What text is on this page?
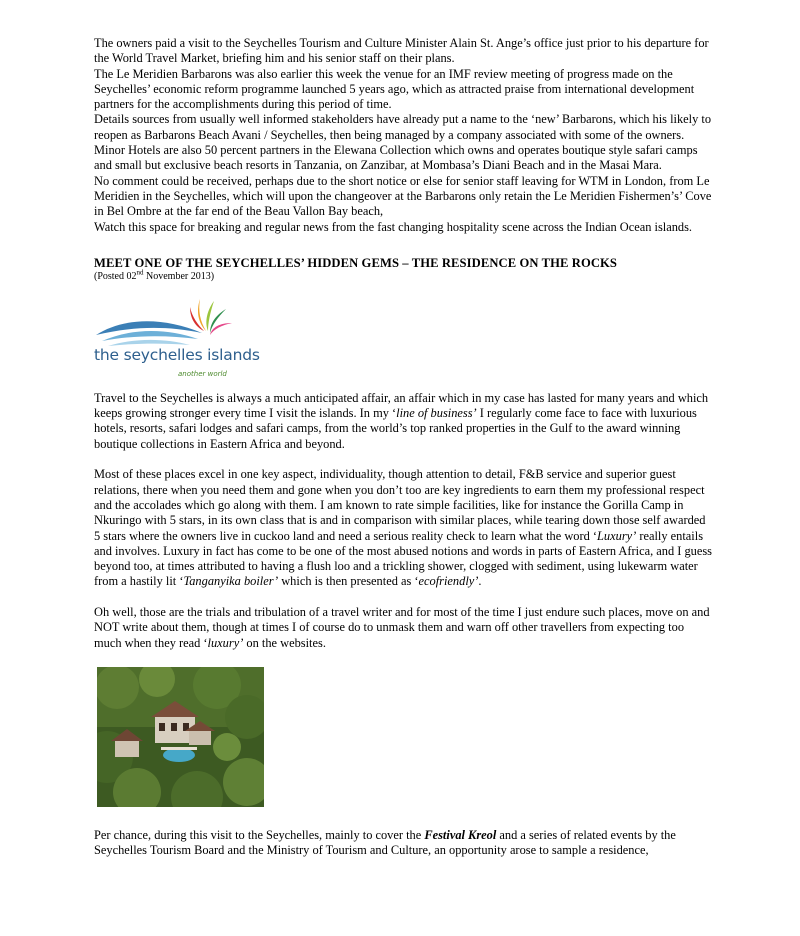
The owners paid a visit to the Seychelles Tourism and Culture Minister Alain St. Ange’s office just prior to his departure for the World Travel Market, briefing him and his senior staff on their plans.

The Le Meridien Barbarons was also earlier this week the venue for an IMF review meeting of progress made on the Seychelles’ economic reform programme launched 5 years ago, which as attracted praise from international development partners for the accomplishments during this period of time.

Details sources from usually well informed stakeholders have already put a name to the ‘new’ Barbarons, which his likely to reopen as Barbarons Beach Avani / Seychelles, then being managed by a company associated with some of the owners. Minor Hotels are also 50 percent partners in the Elewana Collection which owns and operates boutique style safari camps and small but exclusive beach resorts in Tanzania, on Zanzibar, at Mombasa’s Diani Beach and in the Masai Mara.

No comment could be received, perhaps due to the short notice or else for senior staff leaving for WTM in London, from Le Meridien in the Seychelles, which will upon the changeover at the Barbarons only retain the Le Meridien Fishermen’s’ Cove in Bel Ombre at the far end of the Beau Vallon Bay beach,

Watch this space for breaking and regular news from the fast changing hospitality scene across the Indian Ocean islands.

MEET ONE OF THE SEYCHELLES’ HIDDEN GEMS – THE RESIDENCE ON THE ROCKS

(Posted 02nd November 2013)

the seychelles islands
another world

Travel to the Seychelles is always a much anticipated affair, an affair which in my case has lasted for many years and which keeps growing stronger every time I visit the islands. In my ‘line of business’ I regularly come face to face with luxurious hotels, resorts, safari lodges and safari camps, from the world’s top ranked properties in the Gulf to the award winning boutique collections in Eastern Africa and beyond.

Most of these places excel in one key aspect, individuality, though attention to detail, F&B service and superior guest relations, there when you need them and gone when you don’t too are key ingredients to earn them my professional respect and the accolades which go along with them. I am known to rate simple facilities, like for instance the Gorilla Camp in Nkuringo with 5 stars, in its own class that is and in comparison with similar places, while tearing down those self awarded 5 stars where the owners live in cuckoo land and need a serious reality check to learn what the word ‘Luxury’ really entails and involves. Luxury in fact has come to be one of the most abused notions and words in parts of Eastern Africa, and I guess beyond too, at times attributed to having a flush loo and a trickling shower, clogged with sediment, using lukewarm water from a hastily lit ‘Tanganyika boiler’ which is then presented as ‘ecofriendly’.

Oh well, those are the trials and tribulation of a travel writer and for most of the time I just endure such places, move on and NOT write about them, though at times I of course do to unmask them and warn off other travellers from expecting too much when they read ‘luxury’ on the websites.

Per chance, during this visit to the Seychelles, mainly to cover the Festival Kreol and a series of related events by the Seychelles Tourism Board and the Ministry of Tourism and Culture, an opportunity arose to sample a residence,
